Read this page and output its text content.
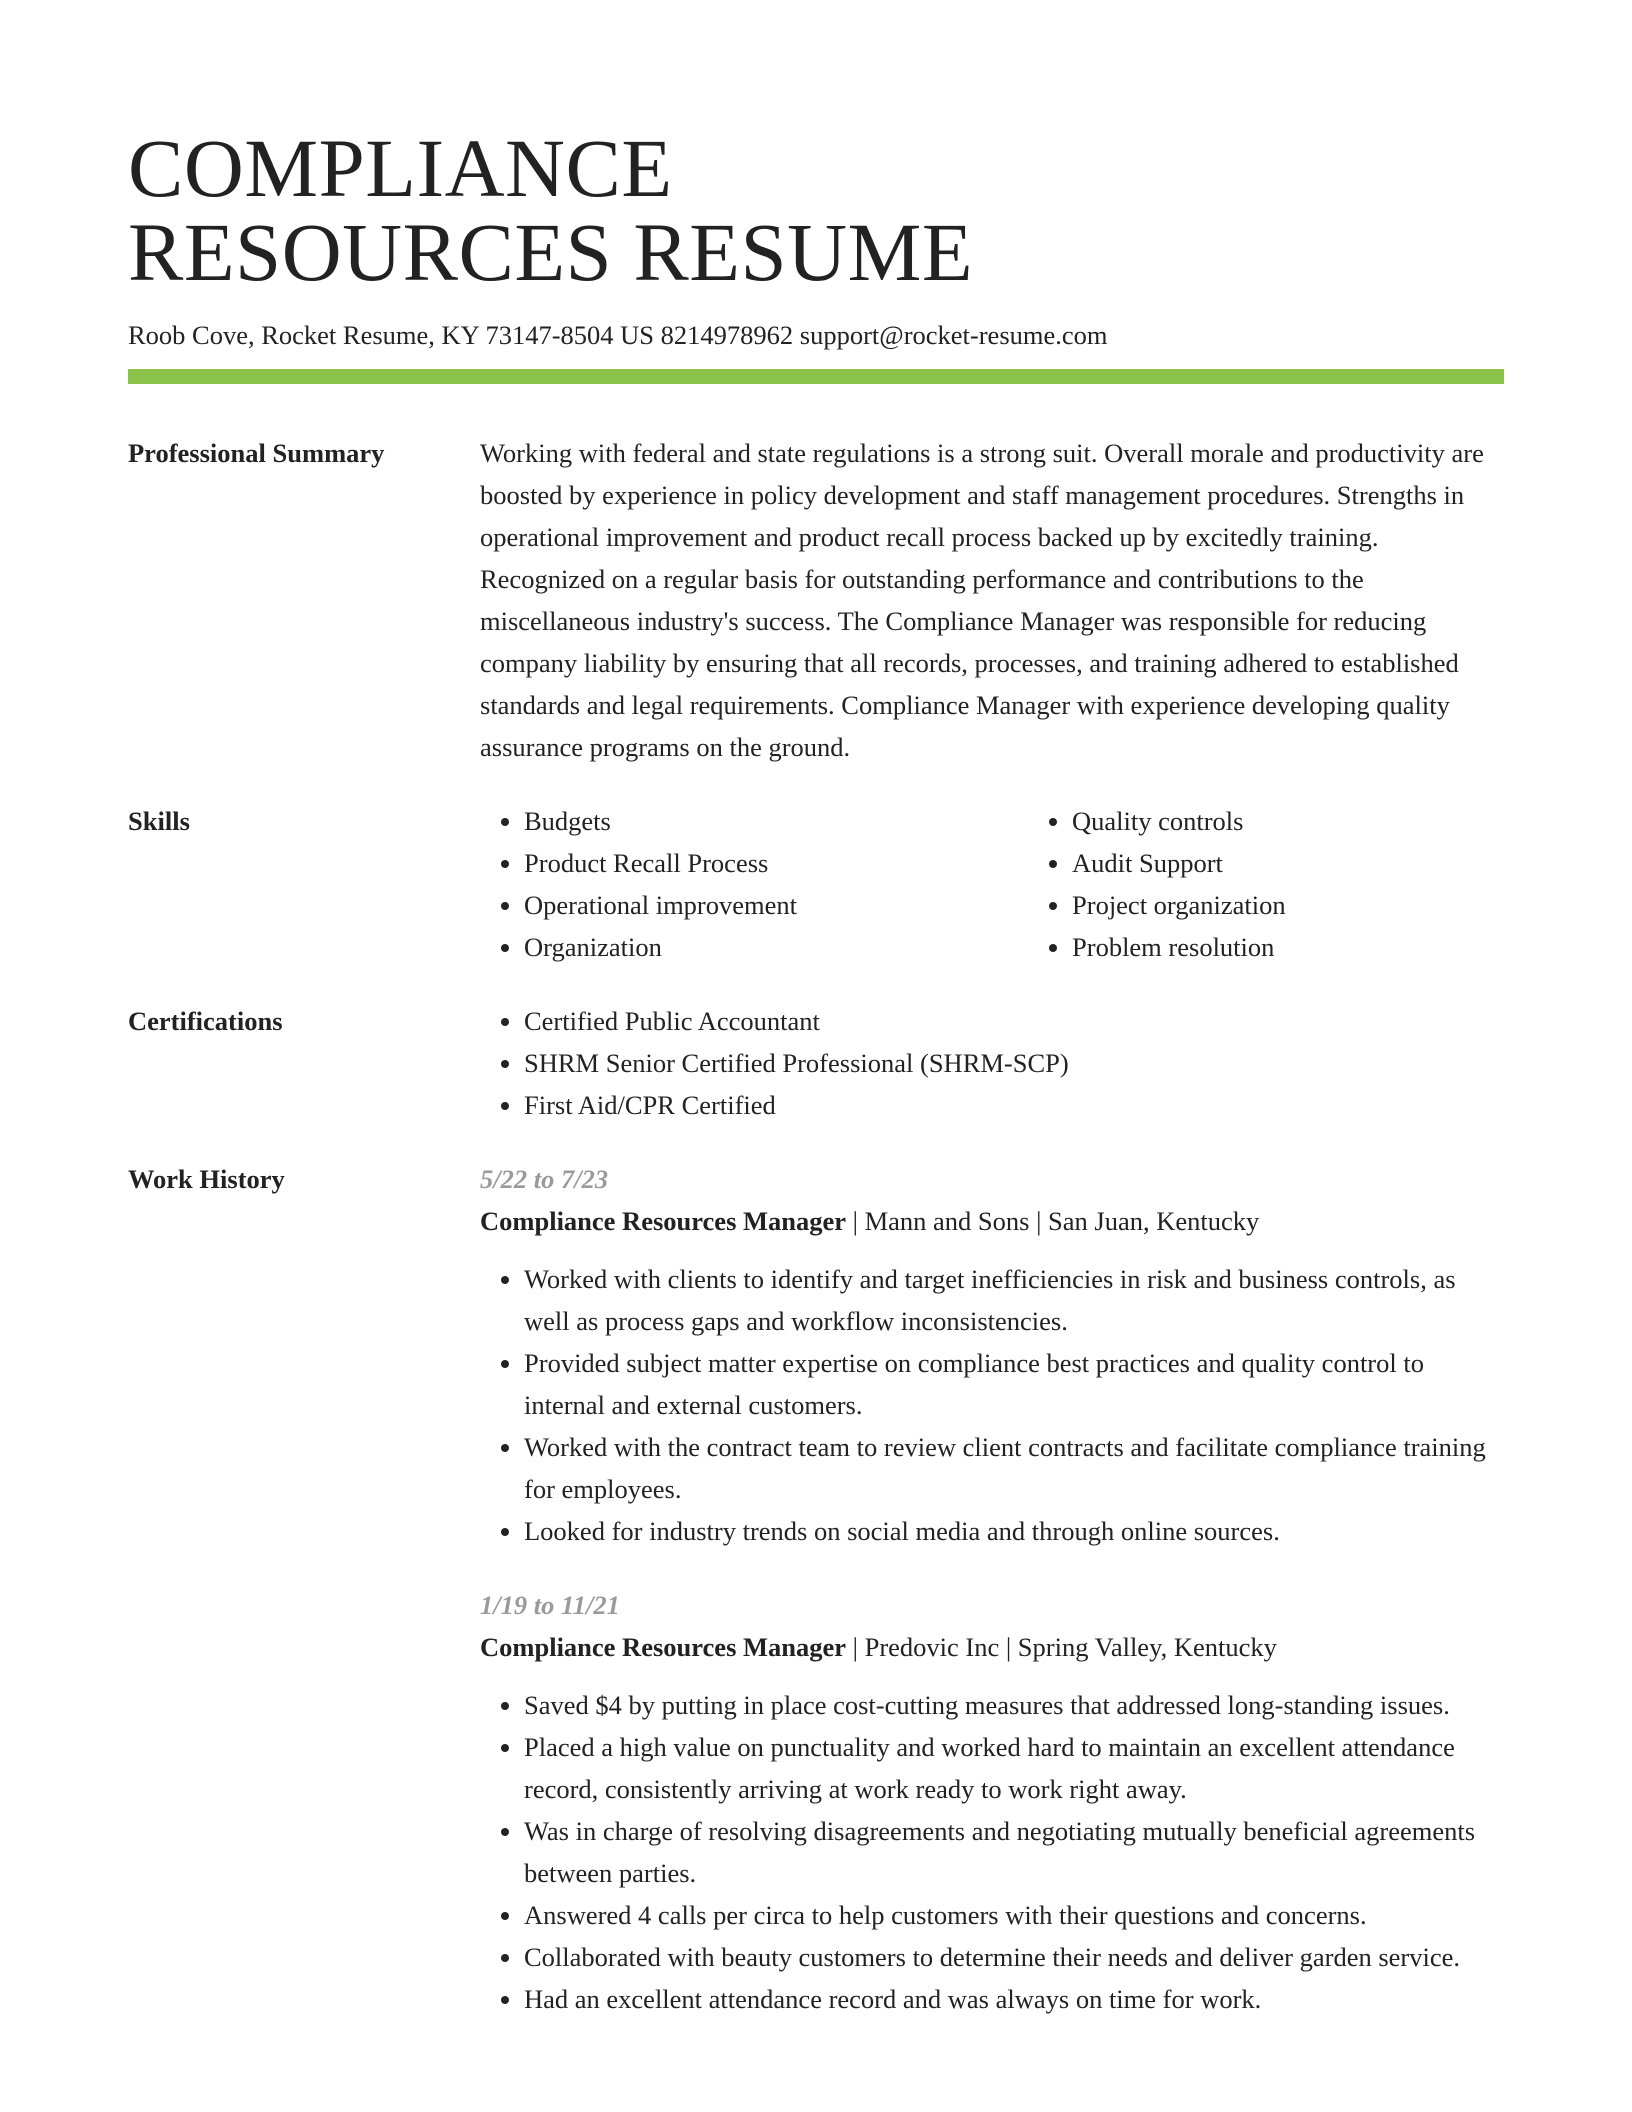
COMPLIANCE
RESOURCES RESUME
Roob Cove, Rocket Resume, KY 73147-8504 US 8214978962 support@rocket-resume.com
Professional Summary	Working with federal and state regulations is a strong suit. Overall morale and productivity are boosted by experience in policy development and staff management procedures. Strengths in operational improvement and product recall process backed up by excitedly training. Recognized on a regular basis for outstanding performance and contributions to the miscellaneous industry's success. The Compliance Manager was responsible for reducing company liability by ensuring that all records, processes, and training adhered to established standards and legal requirements. Compliance Manager with experience developing quality assurance programs on the ground.
Skills	• Budgets
• Product Recall Process
• Operational improvement
• Organization
• Quality controls
• Audit Support
• Project organization
• Problem resolution
Certifications	• Certified Public Accountant
• SHRM Senior Certified Professional (SHRM-SCP)
• First Aid/CPR Certified
Work History	5/22 to 7/23
Compliance Resources Manager | Mann and Sons | San Juan, Kentucky
• Worked with clients to identify and target inefficiencies in risk and business controls, as well as process gaps and workflow inconsistencies.
• Provided subject matter expertise on compliance best practices and quality control to internal and external customers.
• Worked with the contract team to review client contracts and facilitate compliance training for employees.
• Looked for industry trends on social media and through online sources.
1/19 to 11/21
Compliance Resources Manager | Predovic Inc | Spring Valley, Kentucky
• Saved $4 by putting in place cost-cutting measures that addressed long-standing issues.
• Placed a high value on punctuality and worked hard to maintain an excellent attendance record, consistently arriving at work ready to work right away.
• Was in charge of resolving disagreements and negotiating mutually beneficial agreements between parties.
• Answered 4 calls per circa to help customers with their questions and concerns.
• Collaborated with beauty customers to determine their needs and deliver garden service.
• Had an excellent attendance record and was always on time for work.
